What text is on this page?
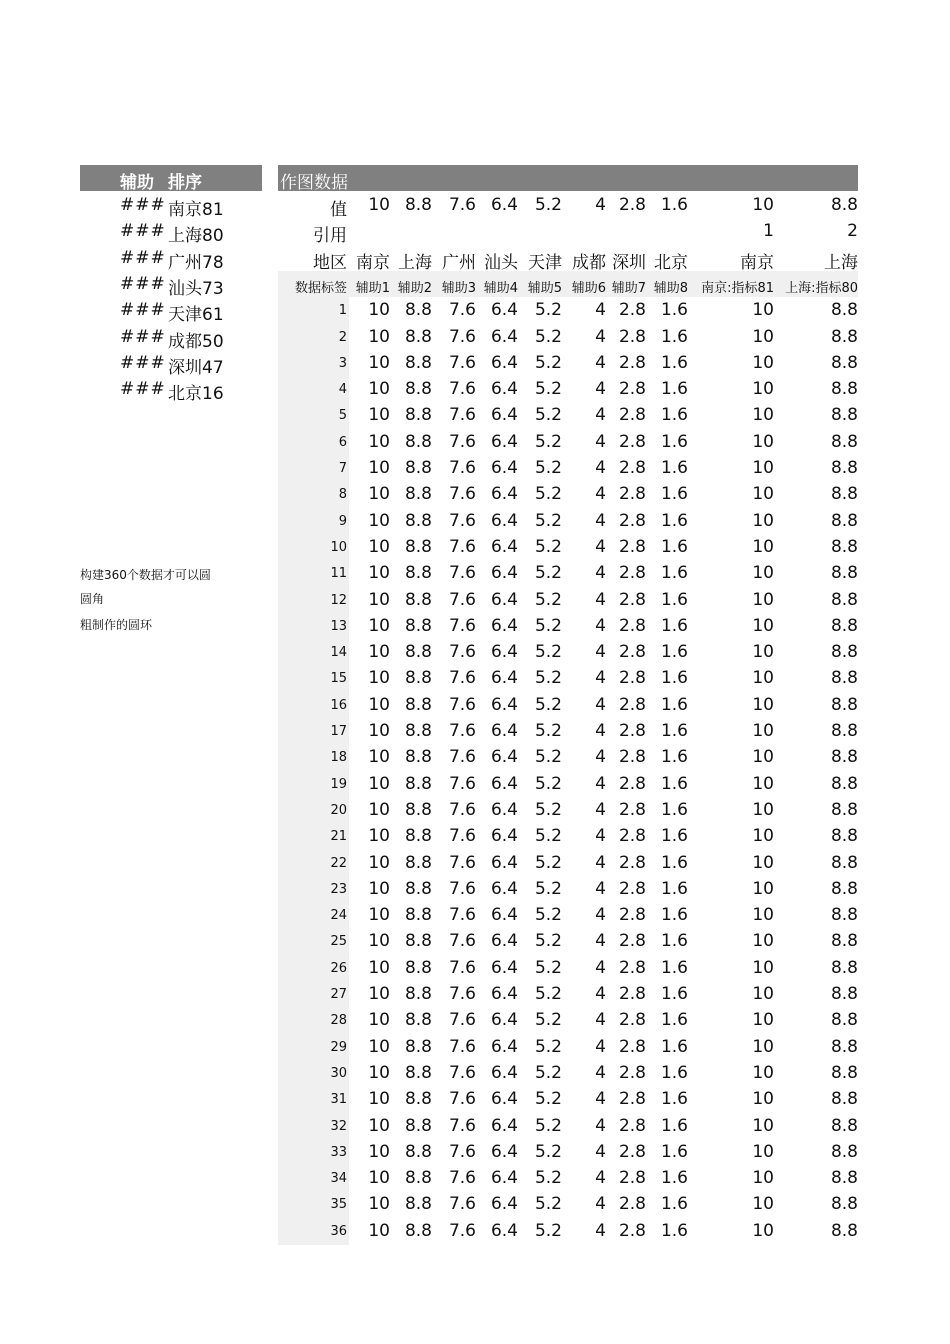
辅助 排序
### 南京81
### 上海80
### 广州78
### 汕头73
### 天津61
### 成都50
### 深圳47
### 北京16
构建360个数据才可以圆
圆角
粗制作的圆环
作图数据
值	10 8.8 7.6 6.4 5.2	4 2.8 1.6	10	8.8
引用	1	2
地区 南京 上海 广州 汕头 天津 成都 深圳 北京	南京	上海
数据标签 辅助1 辅助2 辅助3 辅助4 辅助5 辅助6 辅助7 辅助8	南京:指标81 上海:指标80
1	10 8.8 7.6 6.4 5.2	4 2.8 1.6	10	8.8
2	10 8.8 7.6 6.4 5.2	4 2.8 1.6	10	8.8
3	10 8.8 7.6 6.4 5.2	4 2.8 1.6	10	8.8
4	10 8.8 7.6 6.4 5.2	4 2.8 1.6	10	8.8
5	10 8.8 7.6 6.4 5.2	4 2.8 1.6	10	8.8
6	10 8.8 7.6 6.4 5.2	4 2.8 1.6	10	8.8
7	10 8.8 7.6 6.4 5.2	4 2.8 1.6	10	8.8
8	10 8.8 7.6 6.4 5.2	4 2.8 1.6	10	8.8
9	10 8.8 7.6 6.4 5.2	4 2.8 1.6	10	8.8
10	10 8.8 7.6 6.4 5.2	4 2.8 1.6	10	8.8
11	10 8.8 7.6 6.4 5.2	4 2.8 1.6	10	8.8
12	10 8.8 7.6 6.4 5.2	4 2.8 1.6	10	8.8
13	10 8.8 7.6 6.4 5.2	4 2.8 1.6	10	8.8
14	10 8.8 7.6 6.4 5.2	4 2.8 1.6	10	8.8
15	10 8.8 7.6 6.4 5.2	4 2.8 1.6	10	8.8
16	10 8.8 7.6 6.4 5.2	4 2.8 1.6	10	8.8
17	10 8.8 7.6 6.4 5.2	4 2.8 1.6	10	8.8
18	10 8.8 7.6 6.4 5.2	4 2.8 1.6	10	8.8
19	10 8.8 7.6 6.4 5.2	4 2.8 1.6	10	8.8
20	10 8.8 7.6 6.4 5.2	4 2.8 1.6	10	8.8
21	10 8.8 7.6 6.4 5.2	4 2.8 1.6	10	8.8
22	10 8.8 7.6 6.4 5.2	4 2.8 1.6	10	8.8
23	10 8.8 7.6 6.4 5.2	4 2.8 1.6	10	8.8
24	10 8.8 7.6 6.4 5.2	4 2.8 1.6	10	8.8
25	10 8.8 7.6 6.4 5.2	4 2.8 1.6	10	8.8
26	10 8.8 7.6 6.4 5.2	4 2.8 1.6	10	8.8
27	10 8.8 7.6 6.4 5.2	4 2.8 1.6	10	8.8
28	10 8.8 7.6 6.4 5.2	4 2.8 1.6	10	8.8
29	10 8.8 7.6 6.4 5.2	4 2.8 1.6	10	8.8
30	10 8.8 7.6 6.4 5.2	4 2.8 1.6	10	8.8
31	10 8.8 7.6 6.4 5.2	4 2.8 1.6	10	8.8
32	10 8.8 7.6 6.4 5.2	4 2.8 1.6	10	8.8
33	10 8.8 7.6 6.4 5.2	4 2.8 1.6	10	8.8
34	10 8.8 7.6 6.4 5.2	4 2.8 1.6	10	8.8
35	10 8.8 7.6 6.4 5.2	4 2.8 1.6	10	8.8
36	10 8.8 7.6 6.4 5.2	4 2.8 1.6	10	8.8
